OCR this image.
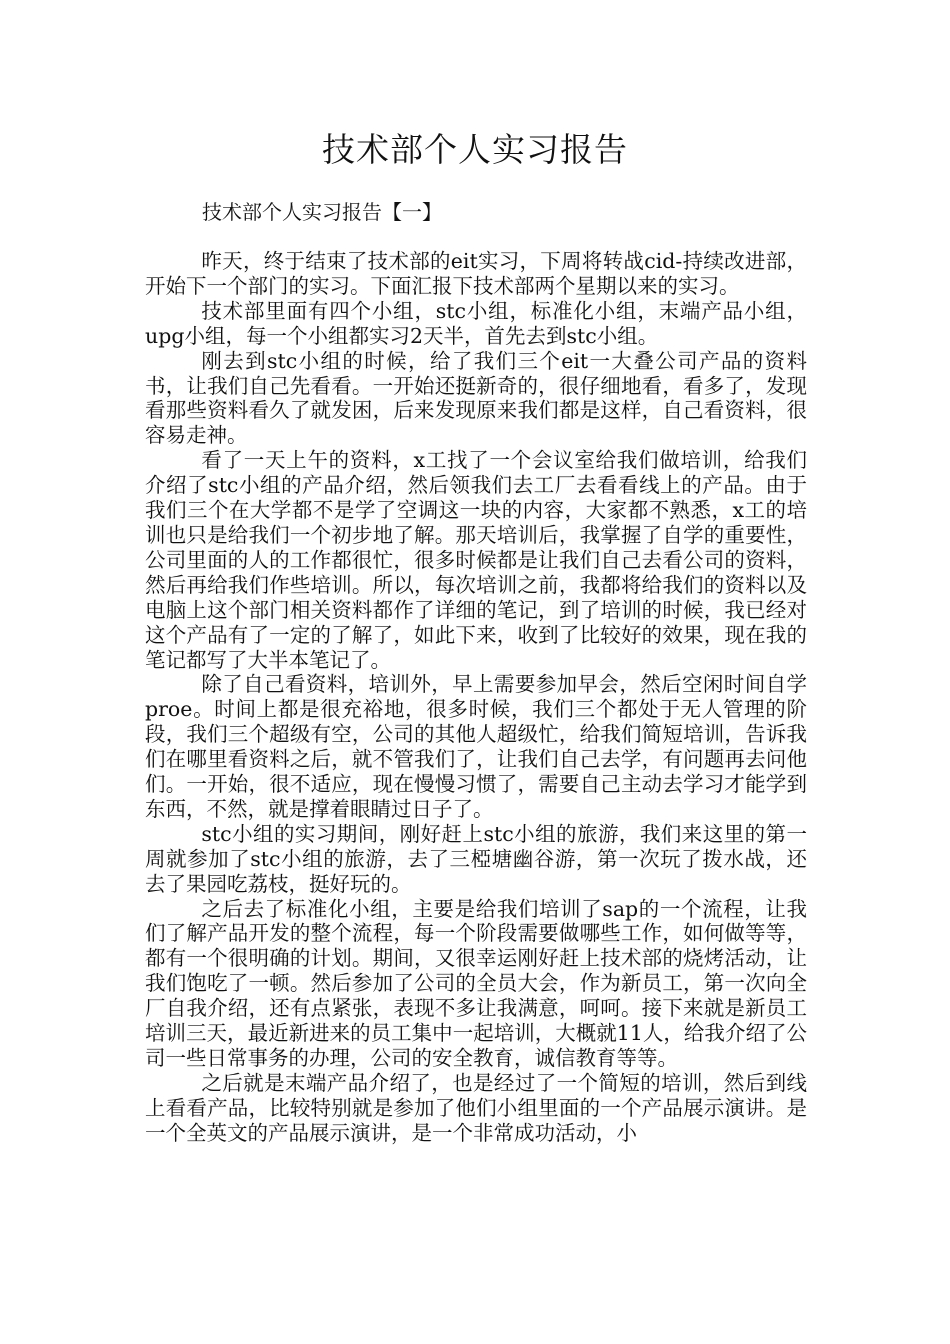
技术部个人实习报告
技术部个人实习报告【一】

昨天，终于结束了技术部的eit实习，下周将转战cid-持续改进部，开始下一个部门的实习。下面汇报下技术部两个星期以来的实习。

技术部里面有四个小组，stc小组，标准化小组，末端产品小组，upg小组，每一个小组都实习2天半，首先去到stc小组。

刚去到stc小组的时候，给了我们三个eit一大叠公司产品的资料书，让我们自己先看看。一开始还挺新奇的，很仔细地看，看多了，发现看那些资料看久了就发困，后来发现原来我们都是这样，自己看资料，很容易走神。

看了一天上午的资料，x工找了一个会议室给我们做培训，给我们介绍了stc小组的产品介绍，然后领我们去工厂去看看线上的产品。由于我们三个在大学都不是学了空调这一块的内容，大家都不熟悉，x工的培训也只是给我们一个初步地了解。那天培训后，我掌握了自学的重要性，公司里面的人的工作都很忙，很多时候都是让我们自己去看公司的资料，然后再给我们作些培训。所以，每次培训之前，我都将给我们的资料以及电脑上这个部门相关资料都作了详细的笔记，到了培训的时候，我已经对这个产品有了一定的了解了，如此下来，收到了比较好的效果，现在我的笔记都写了大半本笔记了。

除了自己看资料，培训外，早上需要参加早会，然后空闲时间自学proe。时间上都是很充裕地，很多时候，我们三个都处于无人管理的阶段，我们三个超级有空，公司的其他人超级忙，给我们简短培训，告诉我们在哪里看资料之后，就不管我们了，让我们自己去学，有问题再去问他们。一开始，很不适应，现在慢慢习惯了，需要自己主动去学习才能学到东西，不然，就是撑着眼睛过日子了。

stc小组的实习期间，刚好赶上stc小组的旅游，我们来这里的第一周就参加了stc小组的旅游，去了三椏塘幽谷游，第一次玩了拨水战，还去了果园吃荔枝，挺好玩的。

之后去了标准化小组，主要是给我们培训了sap的一个流程，让我们了解产品开发的整个流程，每一个阶段需要做哪些工作，如何做等等，都有一个很明确的计划。期间，又很幸运刚好赶上技术部的烧烤活动，让我们饱吃了一顿。然后参加了公司的全员大会，作为新员工，第一次向全厂自我介绍，还有点紧张，表现不多让我满意，呵呵。接下来就是新员工培训三天，最近新进来的员工集中一起培训，大概就11人，给我介绍了公司一些日常事务的办理，公司的安全教育，诚信教育等等。

之后就是末端产品介绍了，也是经过了一个简短的培训，然后到线上看看产品，比较特别就是参加了他们小组里面的一个产品展示演讲。是一个全英文的产品展示演讲，是一个非常成功活动，小
